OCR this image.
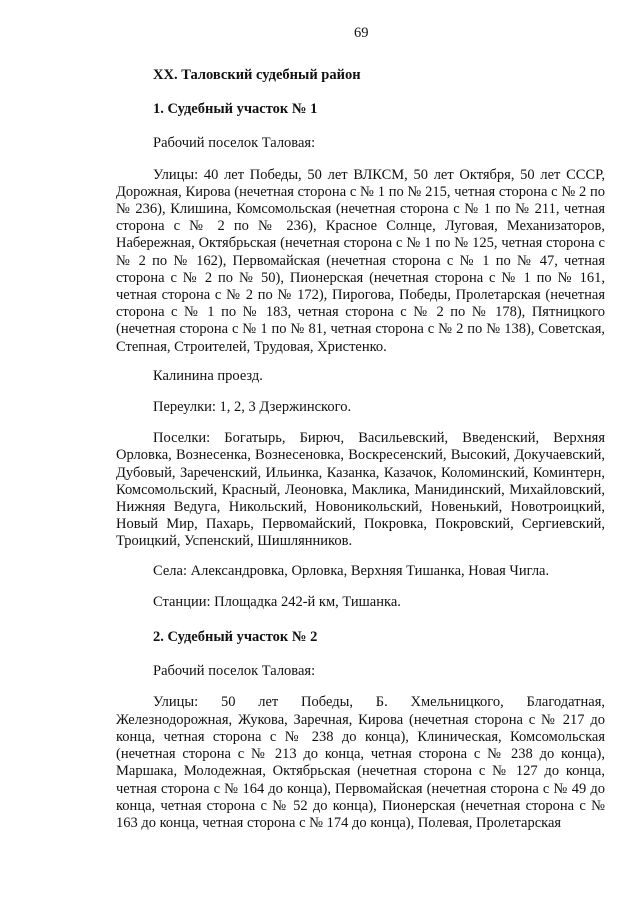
69
XX. Таловский судебный район
1. Судебный участок № 1

Рабочий поселок Таловая:

Улицы: 40 лет Победы, 50 лет ВЛКСМ, 50 лет Октября, 50 лет СССР, Дорожная, Кирова (нечетная сторона с № 1 по № 215, четная сторона с № 2 по № 236), Клишина, Комсомольская (нечетная сторона с № 1 по № 211, четная сторона с № 2 по № 236), Красное Солнце, Луговая, Механизаторов, Набережная, Октябрьская (нечетная сторона с № 1 по № 125, четная сторона с № 2 по № 162), Первомайская (нечетная сторона с № 1 по № 47, четная сторона с № 2 по № 50), Пионерская (нечетная сторона с № 1 по № 161, четная сторона с № 2 по № 172), Пирогова, Победы, Пролетарская (нечетная сторона с № 1 по № 183, четная сторона с № 2 по № 178), Пятницкого (нечетная сторона с № 1 по № 81, четная сторона с № 2 по № 138), Советская, Степная, Строителей, Трудовая, Христенко.

Калинина проезд.

Переулки: 1, 2, 3 Дзержинского.

Поселки: Богатырь, Бирюч, Васильевский, Введенский, Верхняя Орловка, Вознесенка, Вознесеновка, Воскресенский, Высокий, Докучаевский, Дубовый, Зареченский, Ильинка, Казанка, Казачок, Коломинский, Коминтерн, Комсомольский, Красный, Леоновка, Маклика, Манидинский, Михайловский, Нижняя Ведуга, Никольский, Новоникольский, Новенький, Новотроицкий, Новый Мир, Пахарь, Первомайский, Покровка, Покровский, Сергиевский, Троицкий, Успенский, Шишлянников.

Села: Александровка, Орловка, Верхняя Тишанка, Новая Чигла.

Станции: Площадка 242-й км, Тишанка.

2. Судебный участок № 2

Рабочий поселок Таловая:

Улицы: 50 лет Победы, Б. Хмельницкого, Благодатная, Железнодорожная, Жукова, Заречная, Кирова (нечетная сторона с № 217 до конца, четная сторона с № 238 до конца), Клиническая, Комсомольская (нечетная сторона с № 213 до конца, четная сторона с № 238 до конца), Маршака, Молодежная, Октябрьская (нечетная сторона с № 127 до конца, четная сторона с № 164 до конца), Первомайская (нечетная сторона с № 49 до конца, четная сторона с № 52 до конца), Пионерская (нечетная сторона с № 163 до конца, четная сторона с № 174 до конца), Полевая, Пролетарская
